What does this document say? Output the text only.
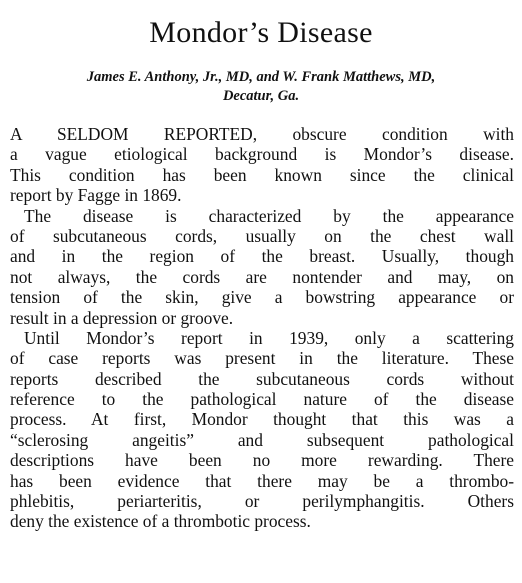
Mondor’s Disease
James E. Anthony, Jr., MD, and W. Frank Matthews, MD,
Decatur, Ga.
A SELDOM REPORTED, obscure condition with
a vague etiological background is Mondor’s disease.
This condition has been known since the clinical
report by Fagge in 1869.
The disease is characterized by the appearance
of subcutaneous cords, usually on the chest wall
and in the region of the breast. Usually, though
not always, the cords are nontender and may, on
tension of the skin, give a bowstring appearance or
result in a depression or groove.
Until Mondor’s report in 1939, only a scattering
of case reports was present in the literature. These
reports described the subcutaneous cords without
reference to the pathological nature of the disease
process. At first, Mondor thought that this was a
“sclerosing angeitis” and subsequent pathological
descriptions have been no more rewarding. There
has been evidence that there may be a thrombo-
phlebitis, periarteritis, or perilymphangitis. Others
deny the existence of a thrombotic process.
